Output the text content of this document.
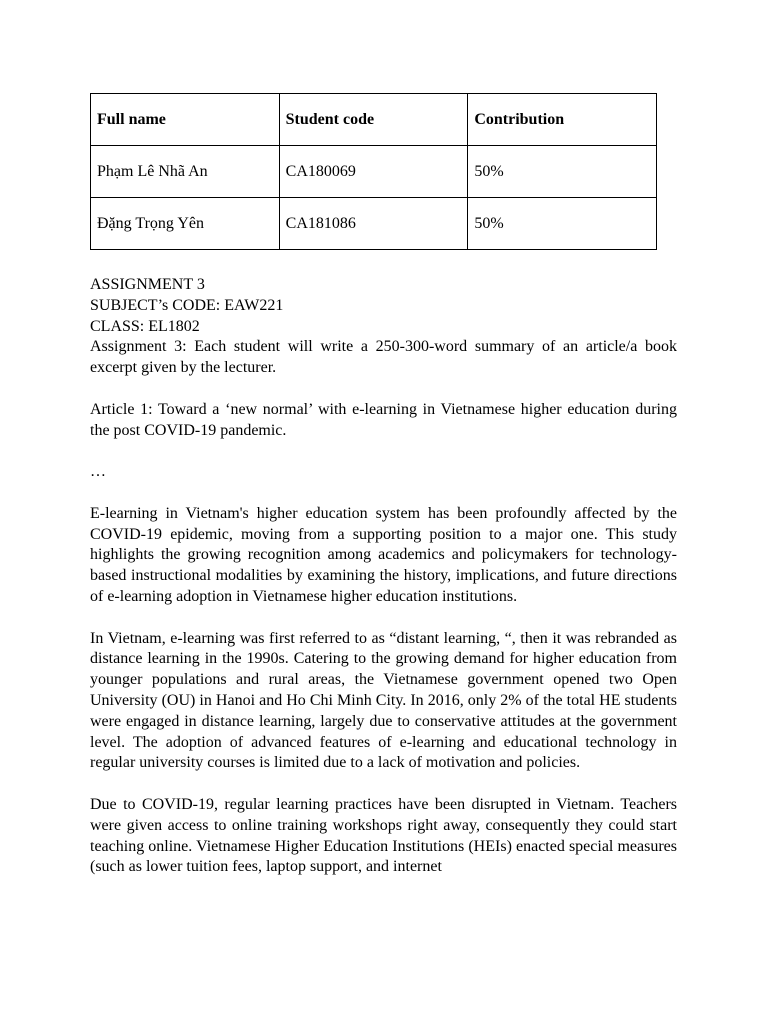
Full name	Student code	Contribution
Phạm Lê Nhã An	CA180069	50%
Đặng Trọng Yên	CA181086	50%
ASSIGNMENT 3
SUBJECT’s CODE: EAW221
CLASS: EL1802

Assignment 3: Each student will write a 250-300-word summary of an article/a book excerpt given by the lecturer.

Article 1: Toward a ‘new normal’ with e-learning in Vietnamese higher education during the post COVID-19 pandemic.

…

E-learning in Vietnam's higher education system has been profoundly affected by the COVID-19 epidemic, moving from a supporting position to a major one. This study highlights the growing recognition among academics and policymakers for technology-based instructional modalities by examining the history, implications, and future directions of e-learning adoption in Vietnamese higher education institutions.

In Vietnam, e-learning was first referred to as “distant learning, “, then it was rebranded as distance learning in the 1990s. Catering to the growing demand for higher education from younger populations and rural areas, the Vietnamese government opened two Open University (OU) in Hanoi and Ho Chi Minh City. In 2016, only 2% of the total HE students were engaged in distance learning, largely due to conservative attitudes at the government level. The adoption of advanced features of e-learning and educational technology in regular university courses is limited due to a lack of motivation and policies.

Due to COVID-19, regular learning practices have been disrupted in Vietnam. Teachers were given access to online training workshops right away, consequently they could start teaching online. Vietnamese Higher Education Institutions (HEIs) enacted special measures (such as lower tuition fees, laptop support, and internet
